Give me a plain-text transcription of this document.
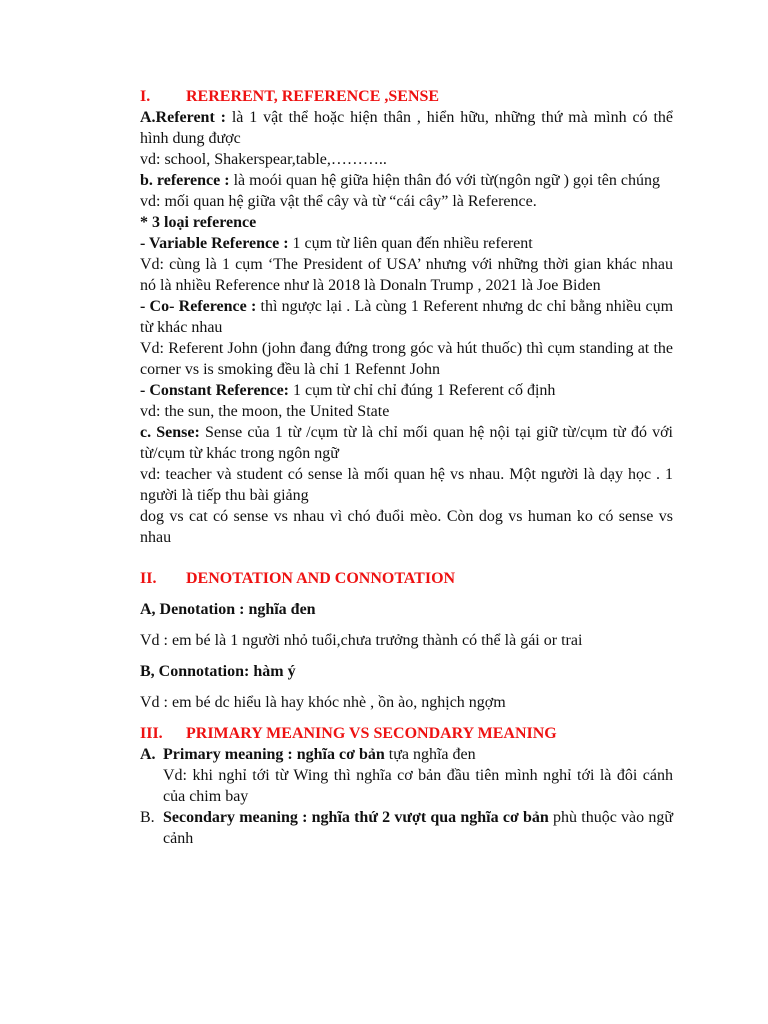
I.	RERERENT, REFERENCE ,SENSE

A.Referent : là 1 vật thể hoặc hiện thân , hiển hữu, những thứ mà mình có thể hình dung được

vd: school, Shakerspear,table,………..

b. reference : là moói quan hệ giữa hiện thân đó với từ(ngôn ngữ ) gọi tên chúng

vd: mối quan hệ giữa vật thể cây và từ “cái cây” là Reference.

* 3 loại reference

- Variable Reference : 1 cụm từ liên quan đến nhiều referent

Vd: cùng là 1 cụm ‘The President of USA’ nhưng với những thời gian khác nhau nó là nhiều Reference như là 2018 là Donaln Trump , 2021 là Joe Biden

- Co- Reference : thì ngược lại . Là cùng 1 Referent nhưng dc chỉ bằng nhiều cụm từ khác nhau

Vd: Referent John (john đang đứng trong góc và hút thuốc) thì cụm standing at the corner vs is smoking đều là chỉ 1 Refennt John

- Constant Reference: 1 cụm từ chỉ chỉ đúng 1 Referent cố định

vd: the sun, the moon, the United State

c. Sense: Sense của 1 từ /cụm từ là chỉ mối quan hệ nội tại giữ từ/cụm từ đó với từ/cụm từ khác trong ngôn ngữ

vd: teacher và student có sense là mối quan hệ vs nhau. Một người là dạy học . 1 người là tiếp thu bài giảng

dog vs cat có sense vs nhau vì chó đuổi mèo. Còn dog vs human ko có sense vs nhau

II.	DENOTATION AND CONNOTATION

A, Denotation : nghĩa đen

Vd : em bé là 1 người nhỏ tuổi,chưa trưởng thành có thể là gái or trai

B, Connotation: hàm ý

Vd : em bé dc hiểu là hay khóc nhè , ồn ào, nghịch ngợm

III.	PRIMARY MEANING VS SECONDARY MEANING
A. Primary meaning : nghĩa cơ bản tựa nghĩa đen
Vd: khi nghỉ tới từ Wing thì nghĩa cơ bản đầu tiên mình nghỉ tới là đôi cánh của chim bay
B. Secondary meaning : nghĩa thứ 2 vượt qua nghĩa cơ bản phù thuộc vào ngữ cảnh
